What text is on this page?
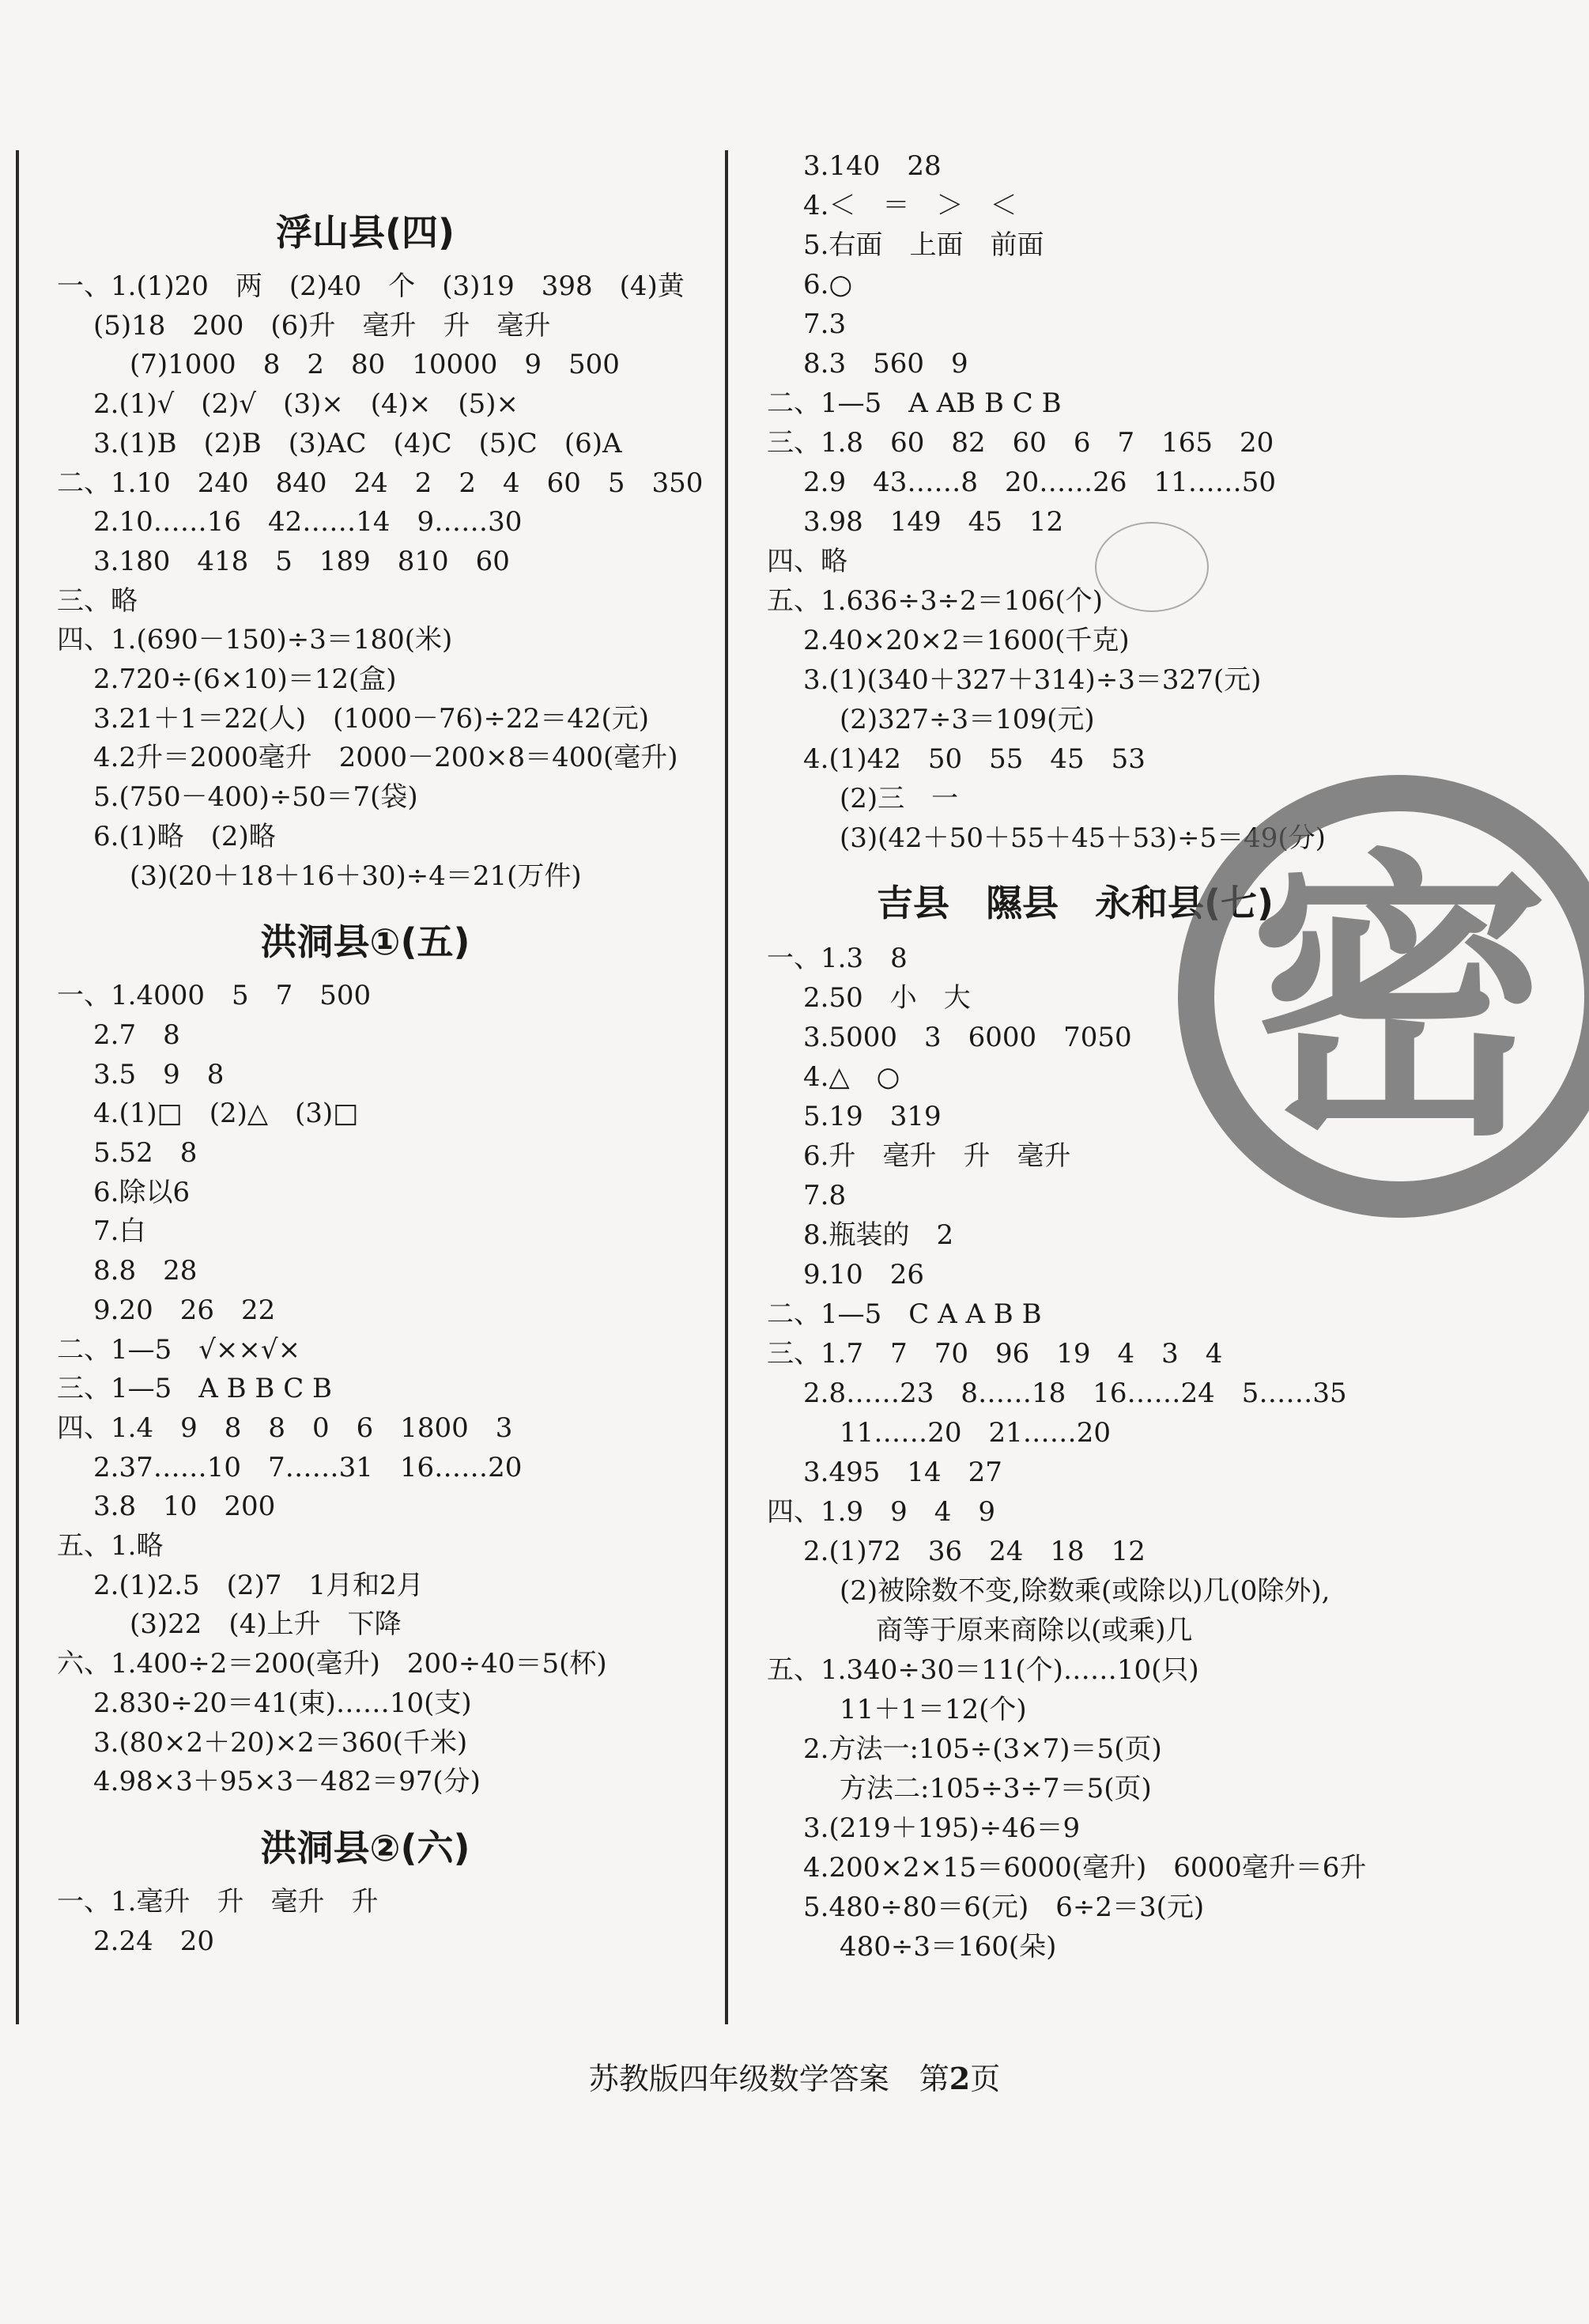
浮山县(四)
一、1.(1)20　两　(2)40　个　(3)19　398　(4)黄
(5)18　200　(6)升　毫升　升　毫升
(7)1000　8　2　80　10000　9　500
2.(1)√　(2)√　(3)×　(4)×　(5)×
3.(1)B　(2)B　(3)AC　(4)C　(5)C　(6)A
二、1.10　240　840　24　2　2　4　60　5　350
2.10……16　42……14　9……30
3.180　418　5　189　810　60
三、略
四、1.(690－150)÷3＝180(米)
2.720÷(6×10)＝12(盒)
3.21＋1＝22(人)　(1000－76)÷22＝42(元)
4.2升＝2000毫升　2000－200×8＝400(毫升)
5.(750－400)÷50＝7(袋)
6.(1)略　(2)略
(3)(20＋18＋16＋30)÷4＝21(万件)
洪洞县①(五)
一、1.4000　5　7　500
2.7　8
3.5　9　8
4.(1)□　(2)△　(3)□
5.52　8
6.除以6
7.白
8.8　28
9.20　26　22
二、1—5　√××√×
三、1—5　A B B C B
四、1.4　9　8　8　0　6　1800　3
2.37……10　7……31　16……20
3.8　10　200
五、1.略
2.(1)2.5　(2)7　1月和2月
(3)22　(4)上升　下降
六、1.400÷2＝200(毫升)　200÷40＝5(杯)
2.830÷20＝41(束)……10(支)
3.(80×2＋20)×2＝360(千米)
4.98×3＋95×3－482＝97(分)
洪洞县②(六)
一、1.毫升　升　毫升　升
2.24　20
3.140　28
4.＜　＝　＞　＜
5.右面　上面　前面
6.○
7.3
8.3　560　9
二、1—5　A AB B C B
三、1.8　60　82　60　6　7　165　20
2.9　43……8　20……26　11……50
3.98　149　45　12
四、略
五、1.636÷3÷2＝106(个)
2.40×20×2＝1600(千克)
3.(1)(340＋327＋314)÷3＝327(元)
(2)327÷3＝109(元)
4.(1)42　50　55　45　53
(2)三　一
(3)(42＋50＋55＋45＋53)÷5＝49(分)
吉县　隰县　永和县(七)
一、1.3　8
2.50　小　大
3.5000　3　6000　7050
4.△　○
5.19　319
6.升　毫升　升　毫升
7.8
8.瓶装的　2
9.10　26
二、1—5　C A A B B
三、1.7　7　70　96　19　4　3　4
2.8……23　8……18　16……24　5……35
11……20　21……20
3.495　14　27
四、1.9　9　4　9
2.(1)72　36　24　18　12
(2)被除数不变,除数乘(或除以)几(0除外),
商等于原来商除以(或乘)几
五、1.340÷30＝11(个)……10(只)
11＋1＝12(个)
2.方法一:105÷(3×7)＝5(页)
方法二:105÷3÷7＝5(页)
3.(219＋195)÷46＝9
4.200×2×15＝6000(毫升)　6000毫升＝6升
5.480÷80＝6(元)　6÷2＝3(元)
480÷3＝160(朵)
密
苏教版四年级数学答案　第2页
